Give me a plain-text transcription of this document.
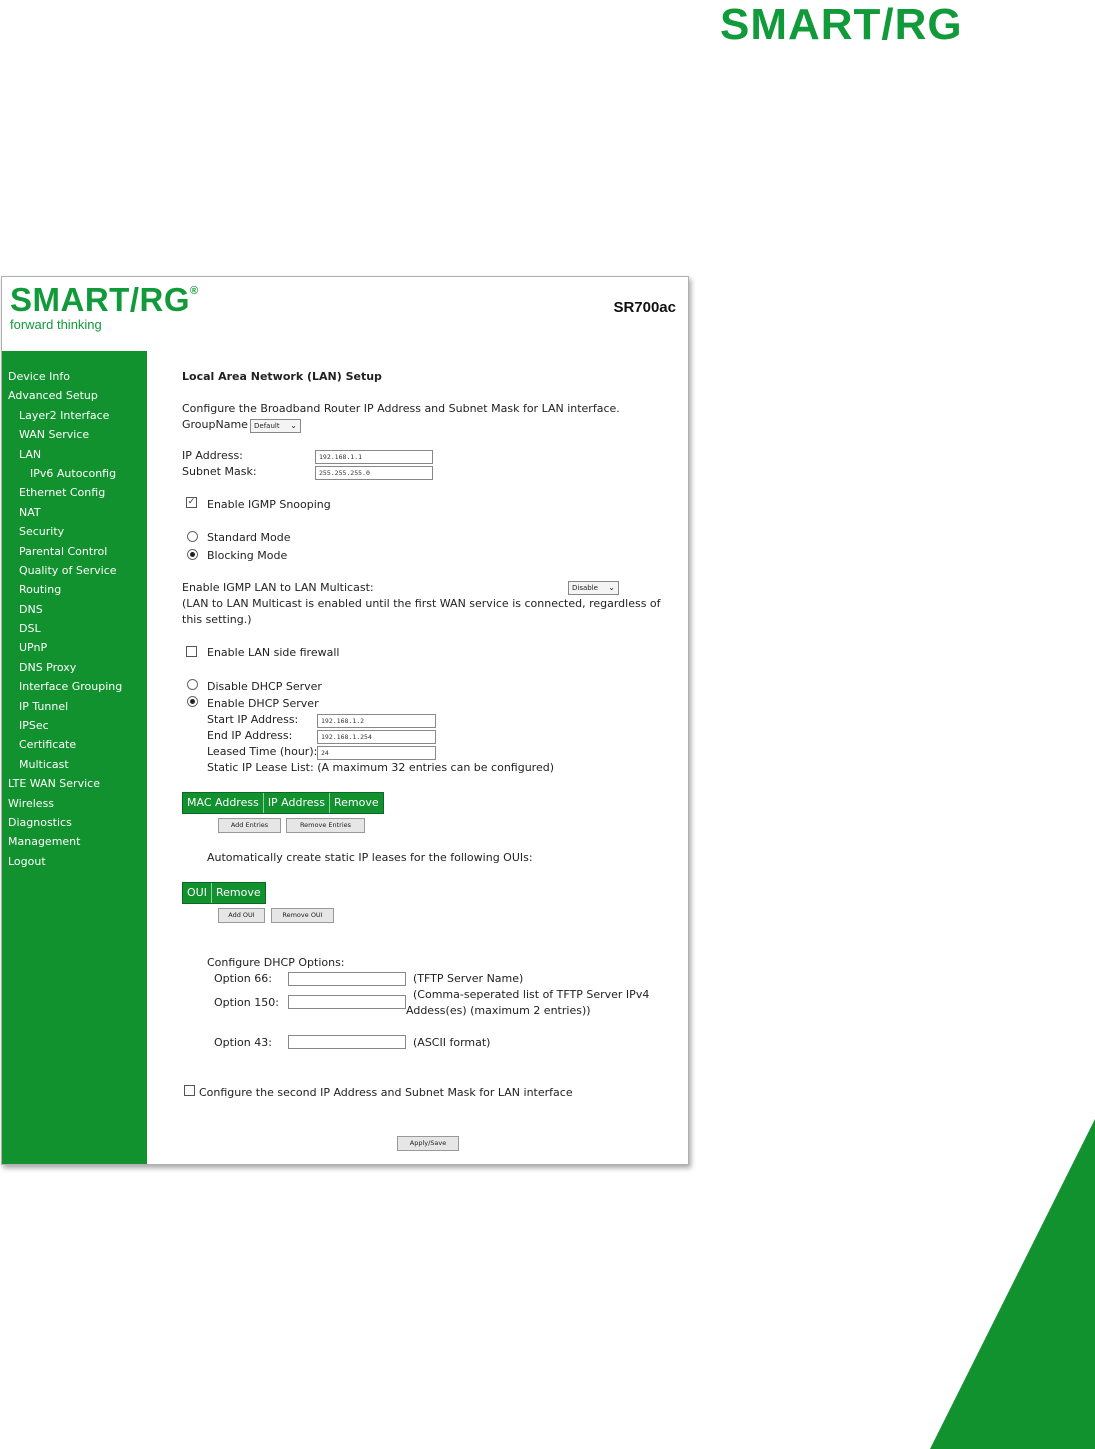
SMART/RG
SMART/RG®
forward thinking
SR700ac
Device Info
Advanced Setup
Layer2 Interface
WAN Service
LAN
IPv6 Autoconfig
Ethernet Config
NAT
Security
Parental Control
Quality of Service
Routing
DNS
DSL
UPnP
DNS Proxy
Interface Grouping
IP Tunnel
IPSec
Certificate
Multicast
LTE WAN Service
Wireless
Diagnostics
Management
Logout
Local Area Network (LAN) Setup
Configure the Broadband Router IP Address and Subnet Mask for LAN interface.
GroupName Default ⌄
IP Address:	192.168.1.1
Subnet Mask:	255.255.255.0
✓ Enable IGMP Snooping
Standard Mode
Blocking Mode
Enable IGMP LAN to LAN Multicast:	Disable ⌄
(LAN to LAN Multicast is enabled until the first WAN service is connected, regardless of
this setting.)
Enable LAN side firewall
Disable DHCP Server
Enable DHCP Server
Start IP Address:	192.168.1.2
End IP Address:	192.168.1.254
Leased Time (hour): 24
Static IP Lease List: (A maximum 32 entries can be configured)
MAC Address IP Address Remove
Add Entries	Remove Entries
Automatically create static IP leases for the following OUIs:
OUI Remove
Add OUI	Remove OUI
Configure DHCP Options:
Option 66:	(TFTP Server Name)
Option 150:
(Comma-seperated list of TFTP Server IPv4
Addess(es) (maximum 2 entries))
Option 43:	(ASCII format)
Configure the second IP Address and Subnet Mask for LAN interface
Apply/Save
